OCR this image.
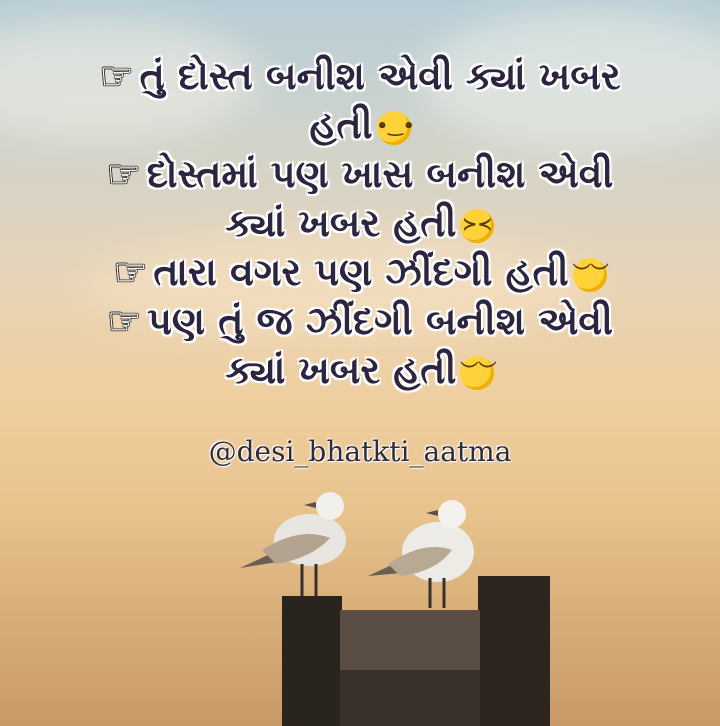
☞ તું દોસ્ત બનીશ એવી ક્યાં ખબર
હતી •‿•
☞ દોસ્તમાં પણ ખાસ બનીશ એવી
ક્યાં ખબર હતી ≻≺
☞ તારા વગર પણ ઝીંદગી હતી ︶︶
☞ પણ તું જ ઝીંદગી બનીશ એવી
ક્યાં ખબર હતી ︶︶
@desi_bhatkti_aatma
